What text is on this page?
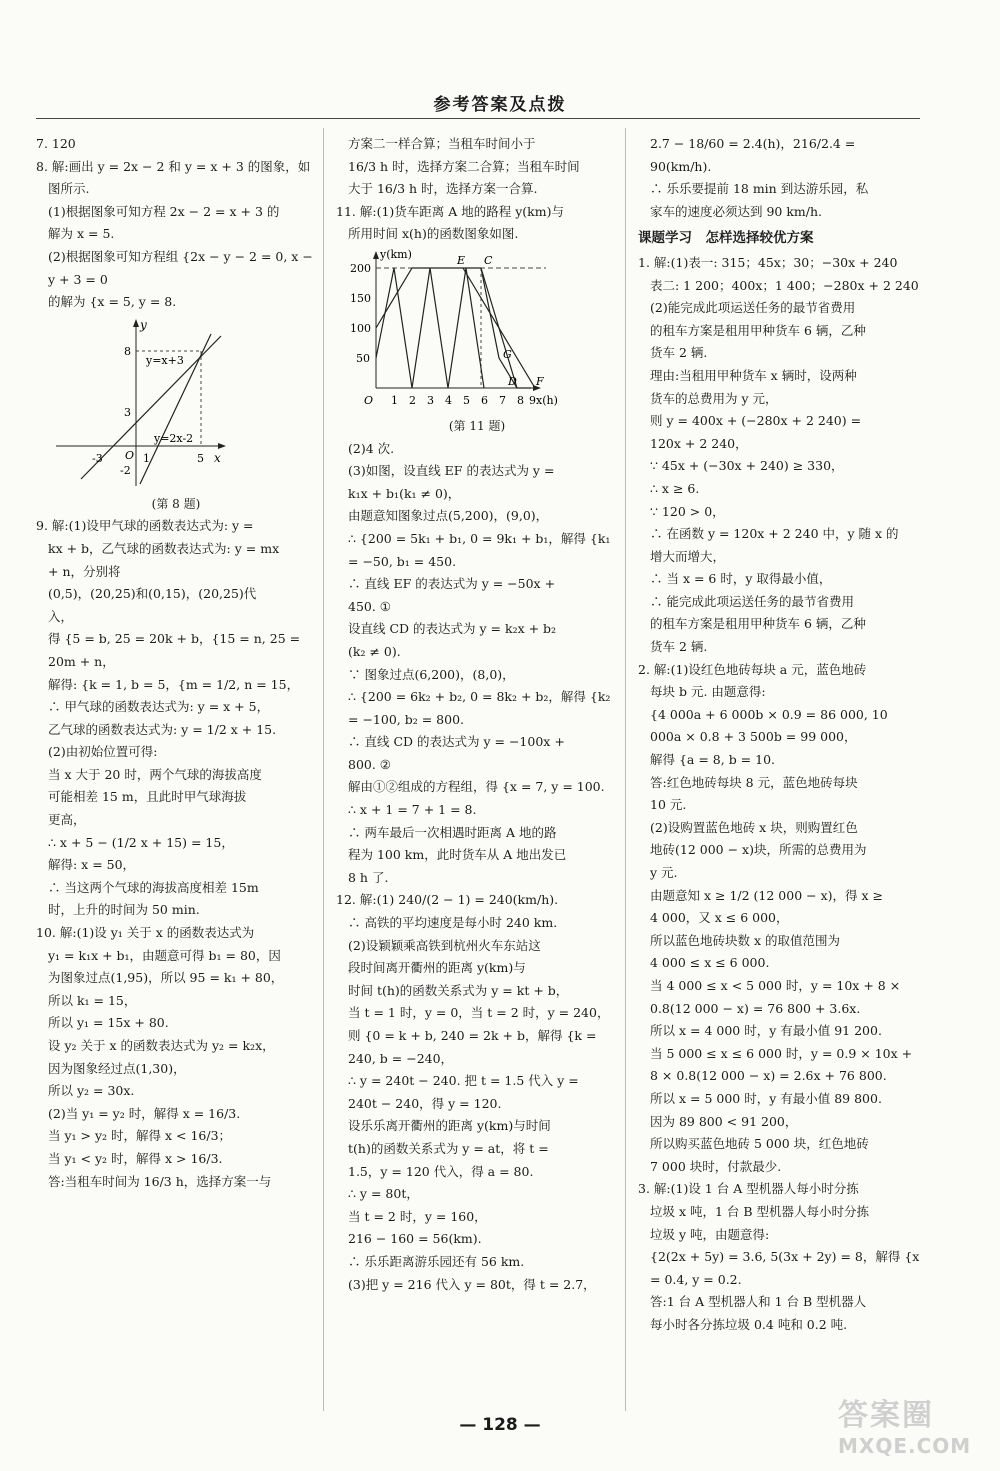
参考答案及点拨

7. 120

8. 解:画出 y = 2x − 2 和 y = x + 3 的图象，如

图所示.

(1)根据图象可知方程 2x − 2 = x + 3 的

解为 x = 5.

(2)根据图象可知方程组 {2x − y − 2 = 0, x − y + 3 = 0

的解为 {x = 5, y = 8.

y
x
8
3
-2
O
-3	1	5
y=x+3
y=2x-2

(第 8 题)

9. 解:(1)设甲气球的函数表达式为: y =

kx + b，乙气球的函数表达式为: y = mx

+ n，分别将

(0,5)，(20,25)和(0,15)，(20,25)代

入，

得 {5 = b, 25 = 20k + b，{15 = n, 25 = 20m + n，

解得: {k = 1, b = 5，{m = 1/2, n = 15，

∴ 甲气球的函数表达式为: y = x + 5，

乙气球的函数表达式为: y = 1/2 x + 15.

(2)由初始位置可得:

当 x 大于 20 时，两个气球的海拔高度

可能相差 15 m，且此时甲气球海拔

更高，

∴ x + 5 − (1/2 x + 15) = 15，

解得: x = 50，

∴ 当这两个气球的海拔高度相差 15m

时，上升的时间为 50 min.

10. 解:(1)设 y₁ 关于 x 的函数表达式为

y₁ = k₁x + b₁，由题意可得 b₁ = 80，因

为图象过点(1,95)，所以 95 = k₁ + 80，

所以 k₁ = 15，

所以 y₁ = 15x + 80.

设 y₂ 关于 x 的函数表达式为 y₂ = k₂x，

因为图象经过点(1,30)，

所以 y₂ = 30x.

(2)当 y₁ = y₂ 时，解得 x = 16/3.

当 y₁ > y₂ 时，解得 x < 16/3；

当 y₁ < y₂ 时，解得 x > 16/3.

答:当租车时间为 16/3 h，选择方案一与

方案二一样合算；当租车时间小于

16/3 h 时，选择方案二合算；当租车时间

大于 16/3 h 时，选择方案一合算.

11. 解:(1)货车距离 A 地的路程 y(km)与

所用时间 x(h)的函数图象如图.

y(km)
x(h)
O
200
150
100
50
1 2 3 4 5 6 7 8 9
E C
G
D F

(第 11 题)

(2)4 次.

(3)如图，设直线 EF 的表达式为 y =

k₁x + b₁(k₁ ≠ 0)，

由题意知图象过点(5,200)，(9,0)，

∴ {200 = 5k₁ + b₁, 0 = 9k₁ + b₁，解得 {k₁ = −50, b₁ = 450.

∴ 直线 EF 的表达式为 y = −50x +

450. ①

设直线 CD 的表达式为 y = k₂x + b₂

(k₂ ≠ 0).

∵ 图象过点(6,200)，(8,0)，

∴ {200 = 6k₂ + b₂, 0 = 8k₂ + b₂，解得 {k₂ = −100, b₂ = 800.

∴ 直线 CD 的表达式为 y = −100x +

800. ②

解由①②组成的方程组，得 {x = 7, y = 100.

∴ x + 1 = 7 + 1 = 8.

∴ 两车最后一次相遇时距离 A 地的路

程为 100 km，此时货车从 A 地出发已

8 h 了.

12. 解:(1) 240/(2 − 1) = 240(km/h).

∴ 高铁的平均速度是每小时 240 km.

(2)设颖颖乘高铁到杭州火车东站这

段时间离开衢州的距离 y(km)与

时间 t(h)的函数关系式为 y = kt + b，

当 t = 1 时，y = 0，当 t = 2 时，y = 240，

则 {0 = k + b, 240 = 2k + b，解得 {k = 240, b = −240，

∴ y = 240t − 240. 把 t = 1.5 代入 y =

240t − 240，得 y = 120.

设乐乐离开衢州的距离 y(km)与时间

t(h)的函数关系式为 y = at，将 t =

1.5，y = 120 代入，得 a = 80.

∴ y = 80t，

当 t = 2 时，y = 160，

216 − 160 = 56(km).

∴ 乐乐距离游乐园还有 56 km.

(3)把 y = 216 代入 y = 80t，得 t = 2.7，

2.7 − 18/60 = 2.4(h)，216/2.4 = 90(km/h).

∴ 乐乐要提前 18 min 到达游乐园，私

家车的速度必须达到 90 km/h.

课题学习　怎样选择较优方案

1. 解:(1)表一: 315；45x；30；−30x + 240

表二: 1 200；400x；1 400；−280x + 2 240

(2)能完成此项运送任务的最节省费用

的租车方案是租用甲种货车 6 辆，乙种

货车 2 辆.

理由:当租用甲种货车 x 辆时，设两种

货车的总费用为 y 元，

则 y = 400x + (−280x + 2 240) =

120x + 2 240，

∵ 45x + (−30x + 240) ≥ 330，

∴ x ≥ 6.

∵ 120 > 0，

∴ 在函数 y = 120x + 2 240 中，y 随 x 的

增大而增大，

∴ 当 x = 6 时，y 取得最小值，

∴ 能完成此项运送任务的最节省费用

的租车方案是租用甲种货车 6 辆，乙种

货车 2 辆.

2. 解:(1)设红色地砖每块 a 元，蓝色地砖

每块 b 元. 由题意得:

{4 000a + 6 000b × 0.9 = 86 000, 10 000a × 0.8 + 3 500b = 99 000，

解得 {a = 8, b = 10.

答:红色地砖每块 8 元，蓝色地砖每块

10 元.

(2)设购置蓝色地砖 x 块，则购置红色

地砖(12 000 − x)块，所需的总费用为

y 元.

由题意知 x ≥ 1/2 (12 000 − x)，得 x ≥

4 000，又 x ≤ 6 000，

所以蓝色地砖块数 x 的取值范围为

4 000 ≤ x ≤ 6 000.

当 4 000 ≤ x < 5 000 时，y = 10x + 8 ×

0.8(12 000 − x) = 76 800 + 3.6x.

所以 x = 4 000 时，y 有最小值 91 200.

当 5 000 ≤ x ≤ 6 000 时，y = 0.9 × 10x +

8 × 0.8(12 000 − x) = 2.6x + 76 800.

所以 x = 5 000 时，y 有最小值 89 800.

因为 89 800 < 91 200，

所以购买蓝色地砖 5 000 块，红色地砖

7 000 块时，付款最少.

3. 解:(1)设 1 台 A 型机器人每小时分拣

垃圾 x 吨，1 台 B 型机器人每小时分拣

垃圾 y 吨，由题意得:

{2(2x + 5y) = 3.6, 5(3x + 2y) = 8，解得 {x = 0.4, y = 0.2.

答:1 台 A 型机器人和 1 台 B 型机器人

每小时各分拣垃圾 0.4 吨和 0.2 吨.

— 128 —	答案圈
MXQE.COM
